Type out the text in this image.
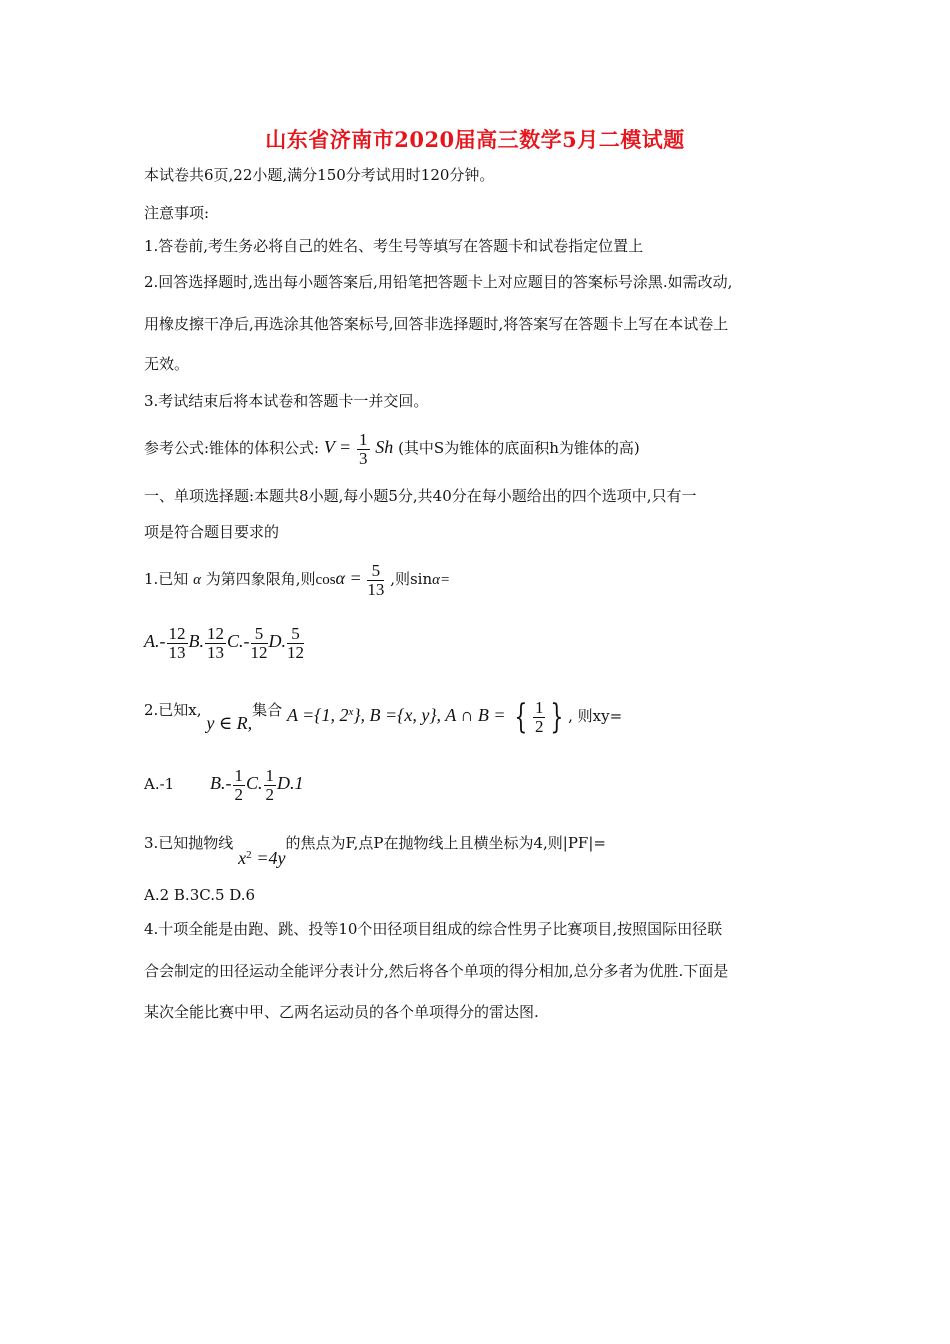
山东省济南市2020届高三数学5月二模试题
本试卷共6页,22小题,满分150分考试用时120分钟。
注意事项:
1.答卷前,考生务必将自己的姓名、考生号等填写在答题卡和试卷指定位置上
2.回答选择题时,选出每小题答案后,用铅笔把答题卡上对应题目的答案标号涂黑.如需改动,
用橡皮擦干净后,再选涂其他答案标号,回答非选择题时,将答案写在答题卡上写在本试卷上
无效。
3.考试结束后将本试卷和答题卡一并交回。
参考公式:锥体的体积公式: $V = \frac{1}{3}$ Sh (其中S为锥体的底面积h为锥体的高)
一、单项选择题:本题共8小题,每小题5分,共40分在每小题给出的四个选项中,只有一
项是符合题目要求的
1.已知 α 为第四象限角,则$\cos\alpha = \frac{5}{13}$ ,则sinα=
$A.- \frac{12}{13} B$. $\frac{12}{13} C.- \frac{5}{12} D$. $\frac{5}{12}$
2.已知x, y ∈ R,集合 A ={1, 2$^x$}, B ={x, y}, A ∩ B = { $\frac{1}{2}$ } , 则xy=
A.-1 $B.- \frac{1}{2} C$. $\frac{1}{2} D.1$
3.已知抛物线 $x^2 =4y$的焦点为F,点P在抛物线上且横坐标为4,则|PF|=
A.2 B.3C.5 D.6
4.十项全能是由跑、跳、投等10个田径项目组成的综合性男子比赛项目,按照国际田径联
合会制定的田径运动全能评分表计分,然后将各个单项的得分相加,总分多者为优胜.下面是
某次全能比赛中甲、乙两名运动员的各个单项得分的雷达图.
